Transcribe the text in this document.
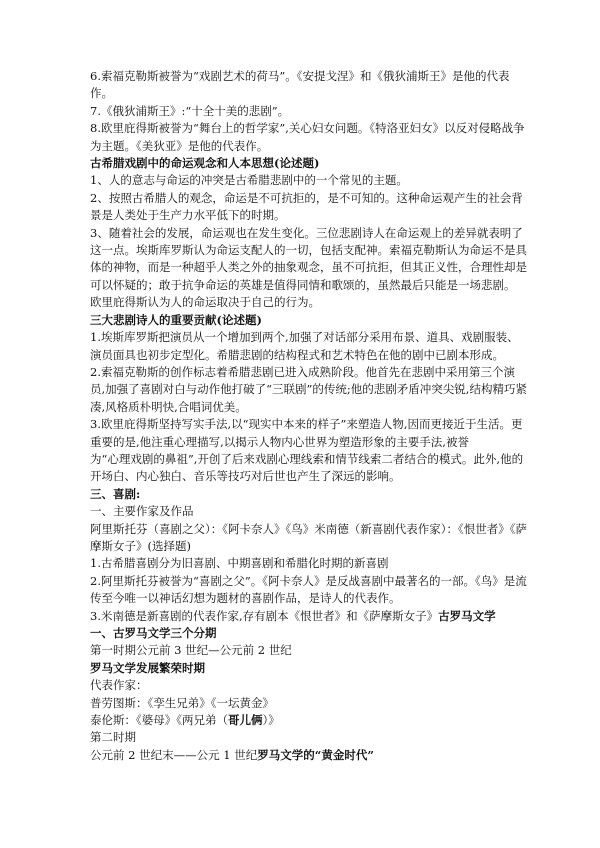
6.索福克勒斯被誉为“戏剧艺术的荷马”。《安提戈涅》和《俄狄浦斯王》是他的代表作。

7.《俄狄浦斯王》:“十全十美的悲剧”。

8.欧里庇得斯被誉为“舞台上的哲学家”,关心妇女问题。《特洛亚妇女》以反对侵略战争为主题。《美狄亚》是他的代表作。

古希腊戏剧中的命运观念和人本思想(论述题)

1、人的意志与命运的冲突是古希腊悲剧中的一个常见的主题。

2、按照古希腊人的观念，命运是不可抗拒的，是不可知的。这种命运观产生的社会背景是人类处于生产力水平低下的时期。

3、随着社会的发展，命运观也在发生变化。三位悲剧诗人在命运观上的差异就表明了这一点。埃斯库罗斯认为命运支配人的一切，包括支配神。索福克勒斯认为命运不是具体的神物，而是一种超乎人类之外的抽象观念，虽不可抗拒，但其正义性，合理性却是可以怀疑的；敢于抗争命运的英雄是值得同情和歌颂的，虽然最后只能是一场悲剧。

欧里庇得斯认为人的命运取决于自己的行为。

三大悲剧诗人的重要贡献(论述题)

1.埃斯库罗斯把演员从一个增加到两个,加强了对话部分采用布景、道具、戏剧服装、演员面具也初步定型化。希腊悲剧的结构程式和艺术特色在他的剧中已剧本形成。

2.索福克勒斯的创作标志着希腊悲剧已进入成熟阶段。他首先在悲剧中采用第三个演员,加强了喜剧对白与动作他打破了“三联剧”的传统;他的悲剧矛盾冲突尖锐,结构精巧紧凑,风格质朴明快,合唱词优美。

3.欧里庇得斯坚持写实手法,以“现实中本来的样子”来塑造人物,因而更接近于生活。更重要的是,他注重心理描写,以揭示人物内心世界为塑造形象的主要手法,被誉

为“心理戏剧的鼻祖”,开创了后来戏剧心理线索和情节线索二者结合的模式。此外,他的开场白、内心独白、音乐等技巧对后世也产生了深远的影响。

三、喜剧:

一、主要作家及作品

阿里斯托芬（喜剧之父）：《阿卡奈人》《鸟》米南德（新喜剧代表作家）：《恨世者》《萨摩斯女子》(选择题)

1.古希腊喜剧分为旧喜剧、中期喜剧和希腊化时期的新喜剧

2.阿里斯托芬被誉为“喜剧之父”。《阿卡奈人》是反战喜剧中最著名的一部。《鸟》是流传至今唯一以神话幻想为题材的喜剧作品，是诗人的代表作。

3.米南德是新喜剧的代表作家,存有剧本《恨世者》和《萨摩斯女子》古罗马文学

一、古罗马文学三个分期

第一时期公元前 3 世纪—公元前 2 世纪

罗马文学发展繁荣时期

代表作家：

普劳图斯：《孪生兄弟》《一坛黄金》

泰伦斯：《婆母》《两兄弟（哥儿俩）》

第二时期

公元前 2 世纪末——公元 1 世纪罗马文学的“黄金时代”
